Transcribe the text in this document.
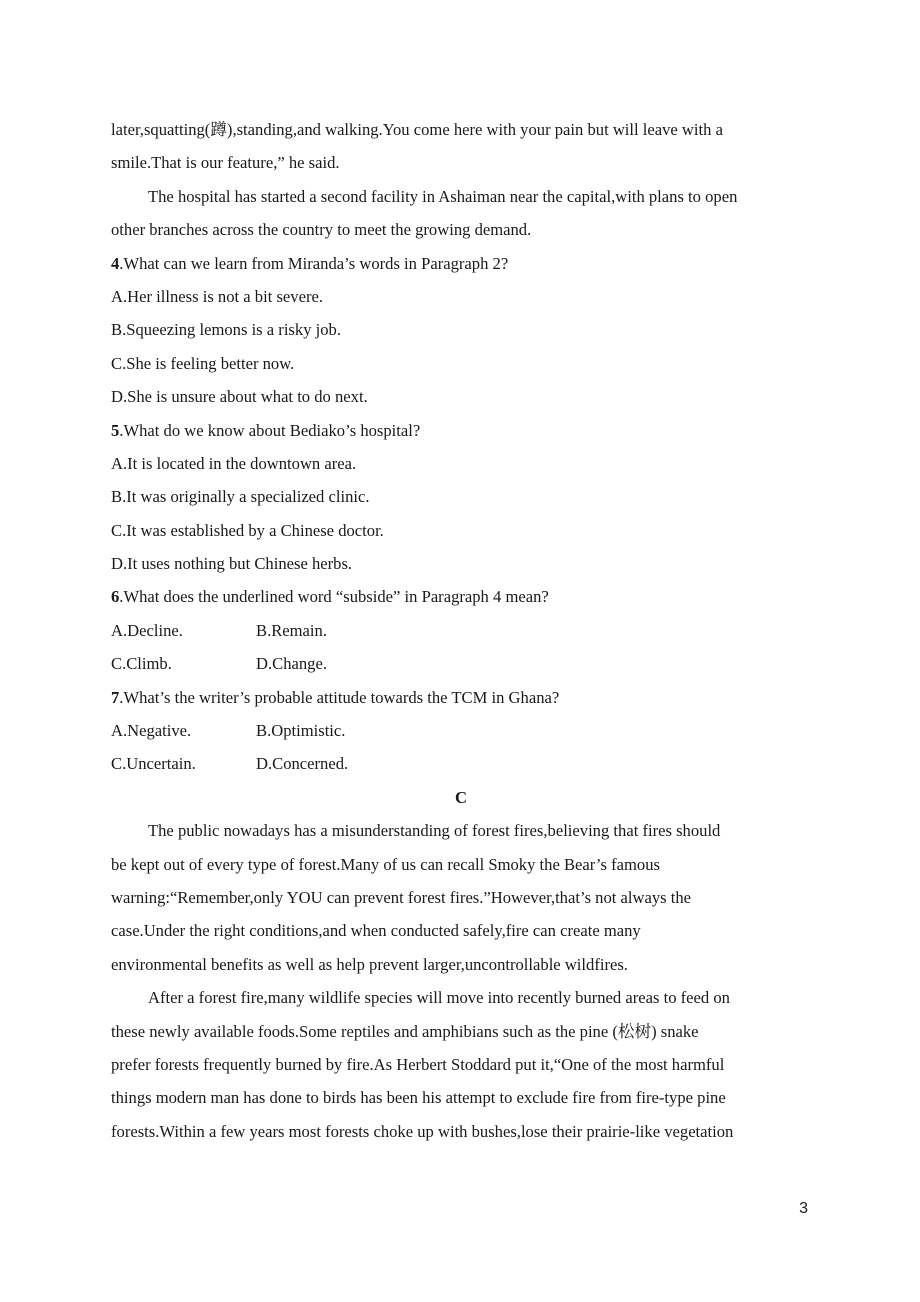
later,squatting(蹲),standing,and walking.You come here with your pain but will leave with a
smile.That is our feature,” he said.
The hospital has started a second facility in Ashaiman near the capital,with plans to open
other branches across the country to meet the growing demand.
4.What can we learn from Miranda’s words in Paragraph 2?
A.Her illness is not a bit severe.
B.Squeezing lemons is a risky job.
C.She is feeling better now.
D.She is unsure about what to do next.
5.What do we know about Bediako’s hospital?
A.It is located in the downtown area.
B.It was originally a specialized clinic.
C.It was established by a Chinese doctor.
D.It uses nothing but Chinese herbs.
6.What does the underlined word “subside” in Paragraph 4 mean?
A.Decline.	B.Remain.
C.Climb.	D.Change.
7.What’s the writer’s probable attitude towards the TCM in Ghana?
A.Negative.	B.Optimistic.
C.Uncertain.	D.Concerned.
C
The public nowadays has a misunderstanding of forest fires,believing that fires should
be kept out of every type of forest.Many of us can recall Smoky the Bear’s famous
warning:“Remember,only YOU can prevent forest fires.”However,that’s not always the
case.Under the right conditions,and when conducted safely,fire can create many
environmental benefits as well as help prevent larger,uncontrollable wildfires.
After a forest fire,many wildlife species will move into recently burned areas to feed on
these newly available foods.Some reptiles and amphibians such as the pine (松树) snake
prefer forests frequently burned by fire.As Herbert Stoddard put it,“One of the most harmful
things modern man has done to birds has been his attempt to exclude fire from fire-type pine
forests.Within a few years most forests choke up with bushes,lose their prairie-like vegetation
3
